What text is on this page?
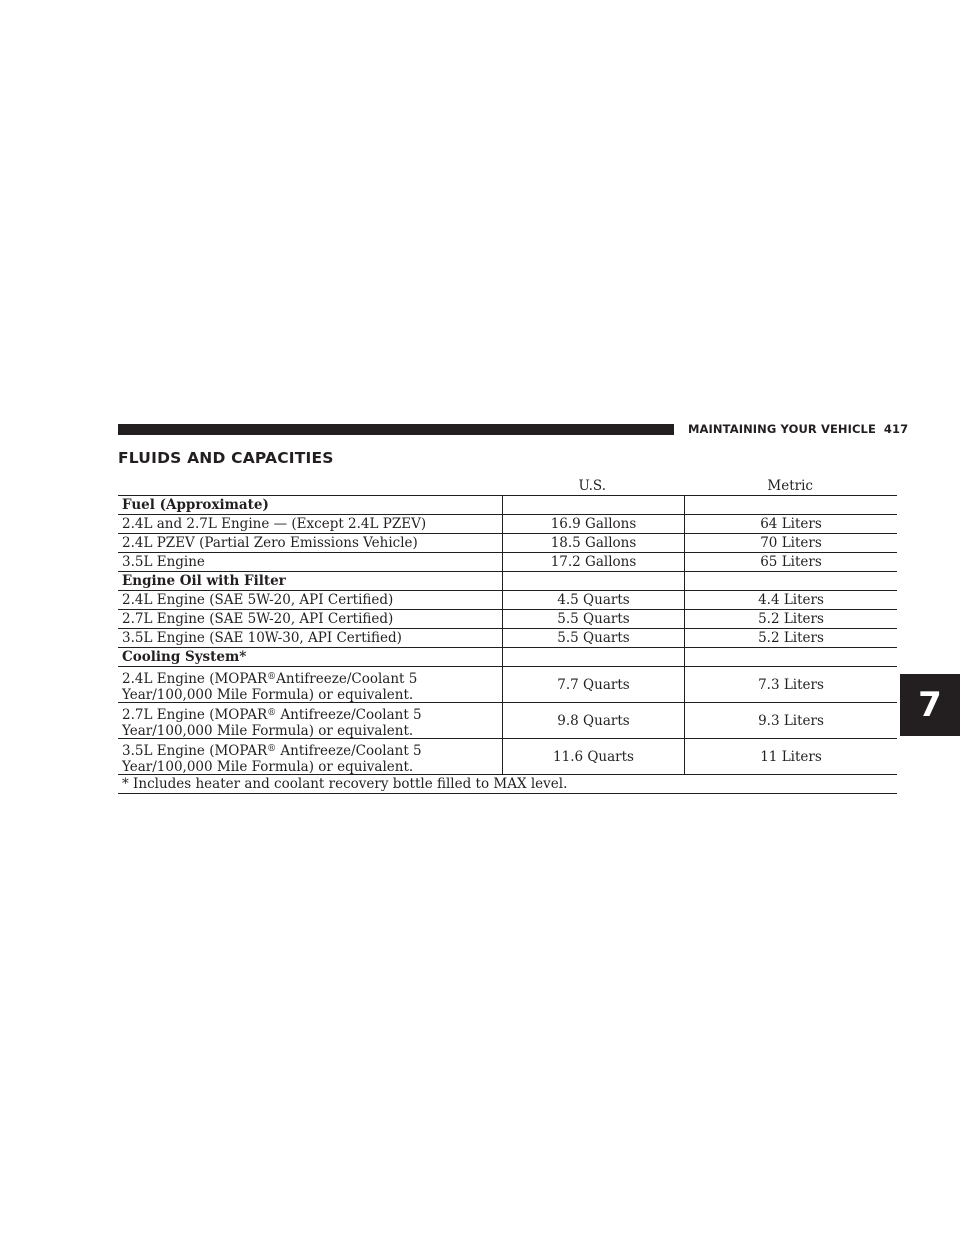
MAINTAINING YOUR VEHICLE 417
FLUIDS AND CAPACITIES
U.S.	Metric
Fuel (Approximate)
2.4L and 2.7L Engine — (Except 2.4L PZEV)	16.9 Gallons	64 Liters
2.4L PZEV (Partial Zero Emissions Vehicle)	18.5 Gallons	70 Liters
3.5L Engine	17.2 Gallons	65 Liters
Engine Oil with Filter
2.4L Engine (SAE 5W-20, API Certified)	4.5 Quarts	4.4 Liters
2.7L Engine (SAE 5W-20, API Certified)	5.5 Quarts	5.2 Liters
3.5L Engine (SAE 10W-30, API Certified)	5.5 Quarts	5.2 Liters
Cooling System*
2.4L Engine (MOPAR®Antifreeze/Coolant 5
Year/100,000 Mile Formula) or equivalent.
7.7 Quarts	7.3 Liters
2.7L Engine (MOPAR® Antifreeze/Coolant 5
Year/100,000 Mile Formula) or equivalent.
9.8 Quarts	9.3 Liters
3.5L Engine (MOPAR® Antifreeze/Coolant 5
Year/100,000 Mile Formula) or equivalent.
11.6 Quarts	11 Liters
* Includes heater and coolant recovery bottle filled to MAX level.
7
